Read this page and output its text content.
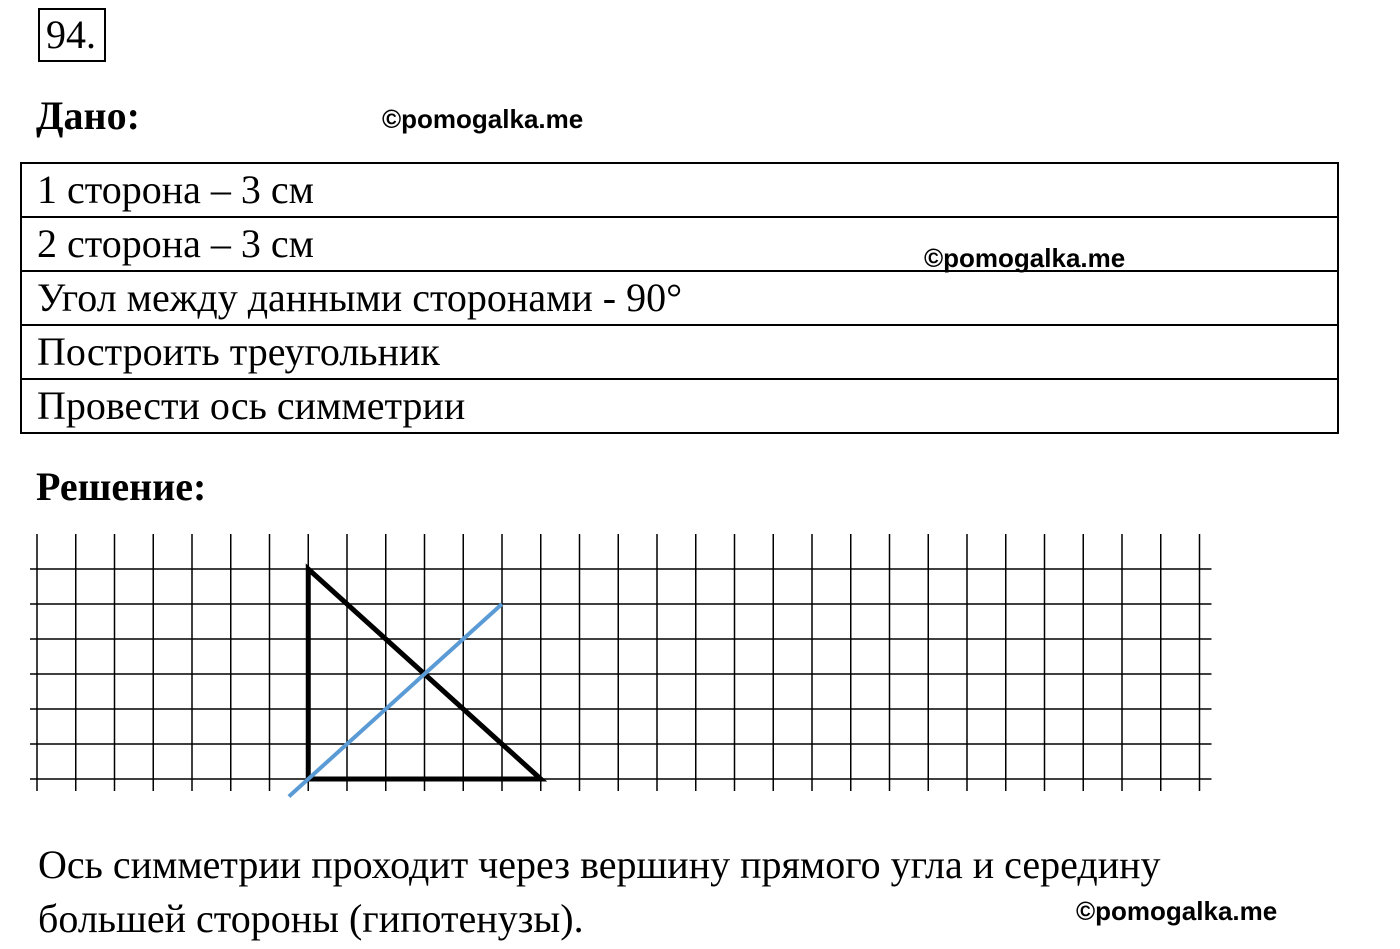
94.
Дано:	©pomogalka.me
1 сторона – 3 см
2 сторона – 3 см
Угол между данными сторонами - 90°
Построить треугольник
Провести ось симметрии
©pomogalka.me
Решение:
Ось симметрии проходит через вершину прямого угла и середину
большей стороны (гипотенузы).	©pomogalka.me
